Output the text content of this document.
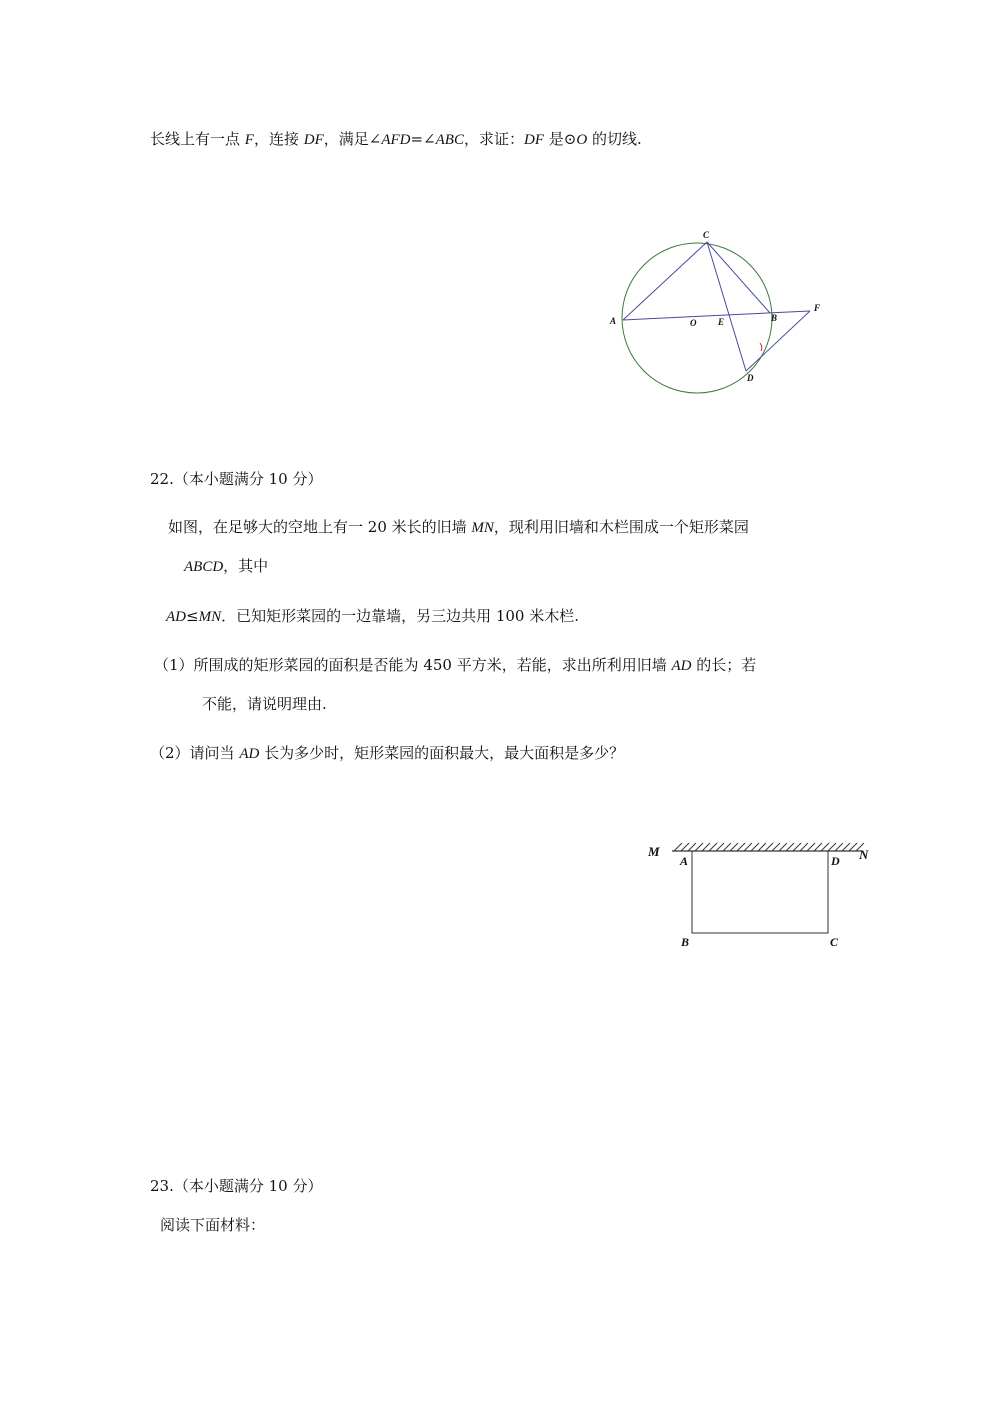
长线上有一点 F，连接 DF，满足∠AFD=∠ABC，求证：DF 是⊙O 的切线.
C
A	O E	B
F
D
22.（本小题满分 10 分）
如图，在足够大的空地上有一 20 米长的旧墙 MN，现利用旧墙和木栏围成一个矩形菜园
ABCD，其中
AD≤MN．已知矩形菜园的一边靠墙，另三边共用 100 米木栏.
（1）所围成的矩形菜园的面积是否能为 450 平方米，若能，求出所利用旧墙 AD 的长；若
不能，请说明理由.
（2）请问当 AD 长为多少时，矩形菜园的面积最大，最大面积是多少？
M	N
A	D
B	C
23.（本小题满分 10 分）
阅读下面材料：
